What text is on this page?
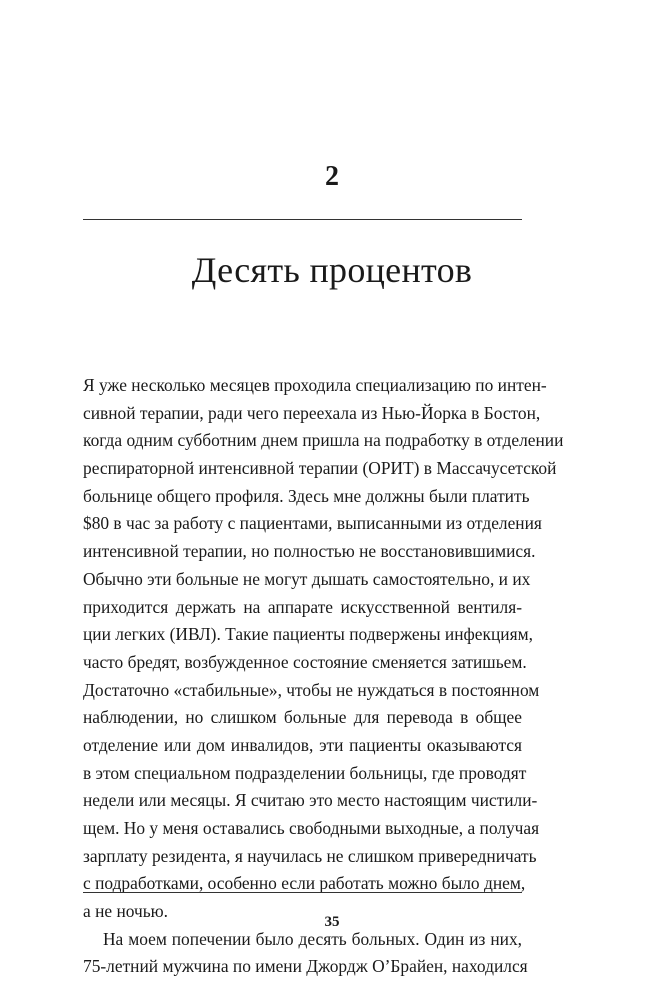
2
Десять процентов
Я уже несколько месяцев проходила специализацию по интен-
сивной терапии, ради чего переехала из Нью-Йорка в Бостон,
когда одним субботним днем пришла на подработку в отделении
респираторной интенсивной терапии (ОРИТ) в Массачусетской
больнице общего профиля. Здесь мне должны были платить
$80 в час за работу с пациентами, выписанными из отделения
интенсивной терапии, но полностью не восстановившимися.
Обычно эти больные не могут дышать самостоятельно, и их
приходится держать на аппарате искусственной вентиля-
ции легких (ИВЛ). Такие пациенты подвержены инфекциям,
часто бредят, возбужденное состояние сменяется затишьем.
Достаточно «стабильные», чтобы не нуждаться в постоянном
наблюдении, но слишком больные для перевода в общее
отделение или дом инвалидов, эти пациенты оказываются
в этом специальном подразделении больницы, где проводят
недели или месяцы. Я считаю это место настоящим чистили-
щем. Но у меня оставались свободными выходные, а получая
зарплату резидента, я научилась не слишком привередничать
с подработками, особенно если работать можно было днем,
а не ночью.
На моем попечении было десять больных. Один из них,
75-летний мужчина по имени Джордж О’Брайен, находился
35
